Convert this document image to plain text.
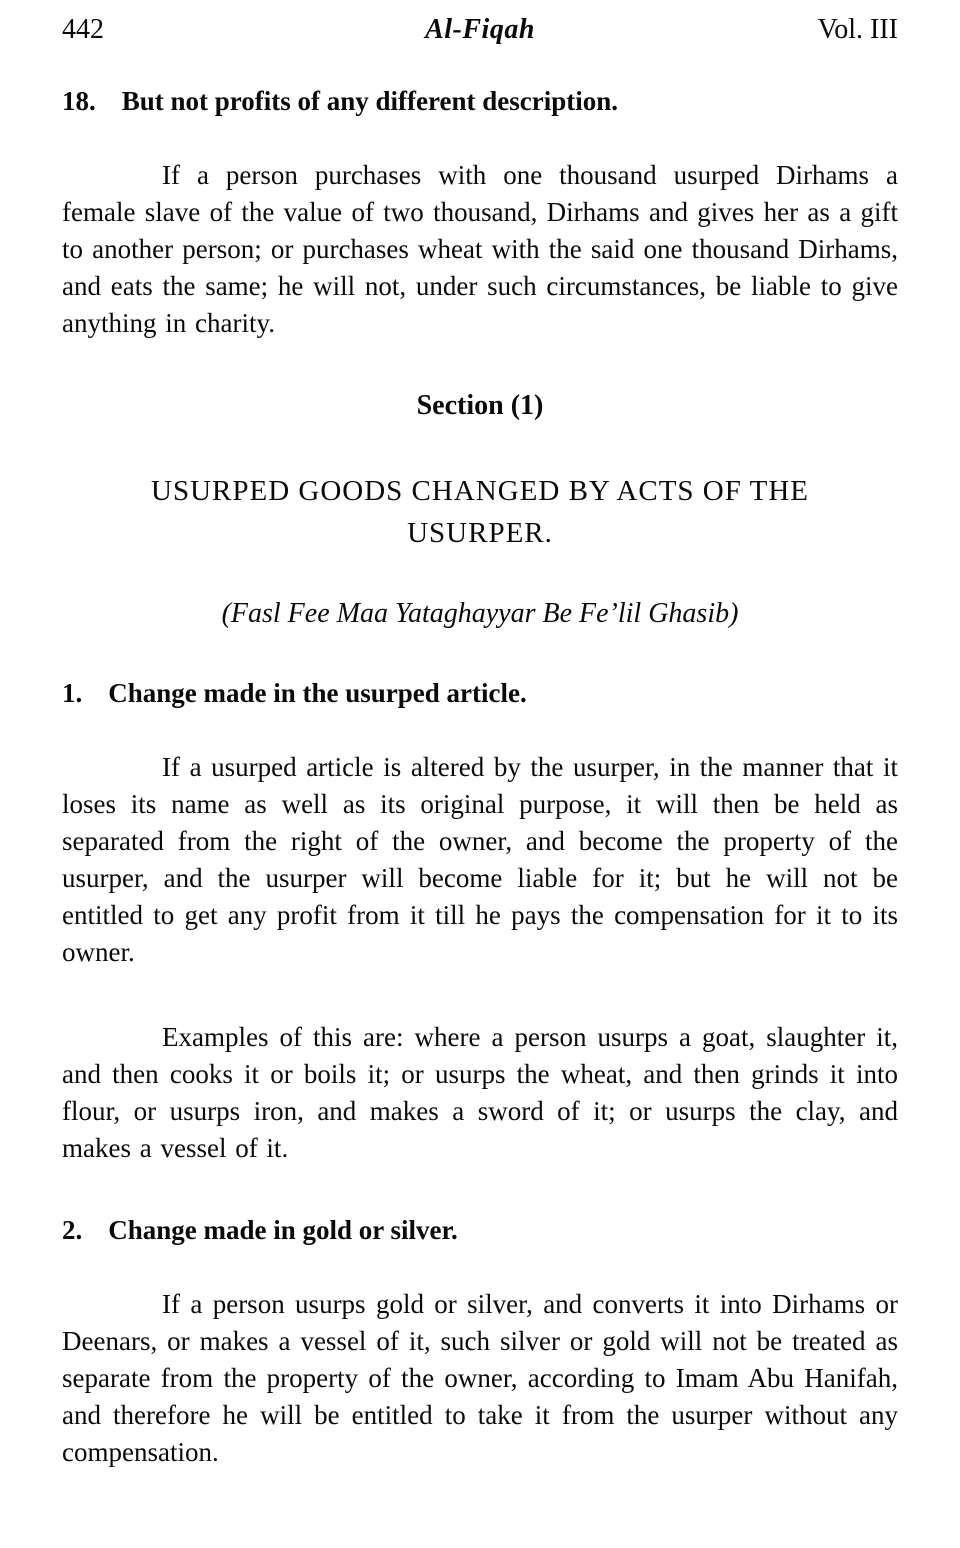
442	Al-Fiqah	Vol. III
18. But not profits of any different description.

If a person purchases with one thousand usurped Dirhams a female slave of the value of two thousand, Dirhams and gives her as a gift to another person; or purchases wheat with the said one thousand Dirhams, and eats the same; he will not, under such circumstances, be liable to give anything in charity.

Section (1)
USURPED GOODS CHANGED BY ACTS OF THE USURPER.
(Fasl Fee Maa Yataghayyar Be Fe’lil Ghasib)
1. Change made in the usurped article.

If a usurped article is altered by the usurper, in the manner that it loses its name as well as its original purpose, it will then be held as separated from the right of the owner, and become the property of the usurper, and the usurper will become liable for it; but he will not be entitled to get any profit from it till he pays the compensation for it to its owner.

Examples of this are: where a person usurps a goat, slaughter it, and then cooks it or boils it; or usurps the wheat, and then grinds it into flour, or usurps iron, and makes a sword of it; or usurps the clay, and makes a vessel of it.

2. Change made in gold or silver.

If a person usurps gold or silver, and converts it into Dirhams or Deenars, or makes a vessel of it, such silver or gold will not be treated as separate from the property of the owner, according to Imam Abu Hanifah, and therefore he will be entitled to take it from the usurper without any compensation.
